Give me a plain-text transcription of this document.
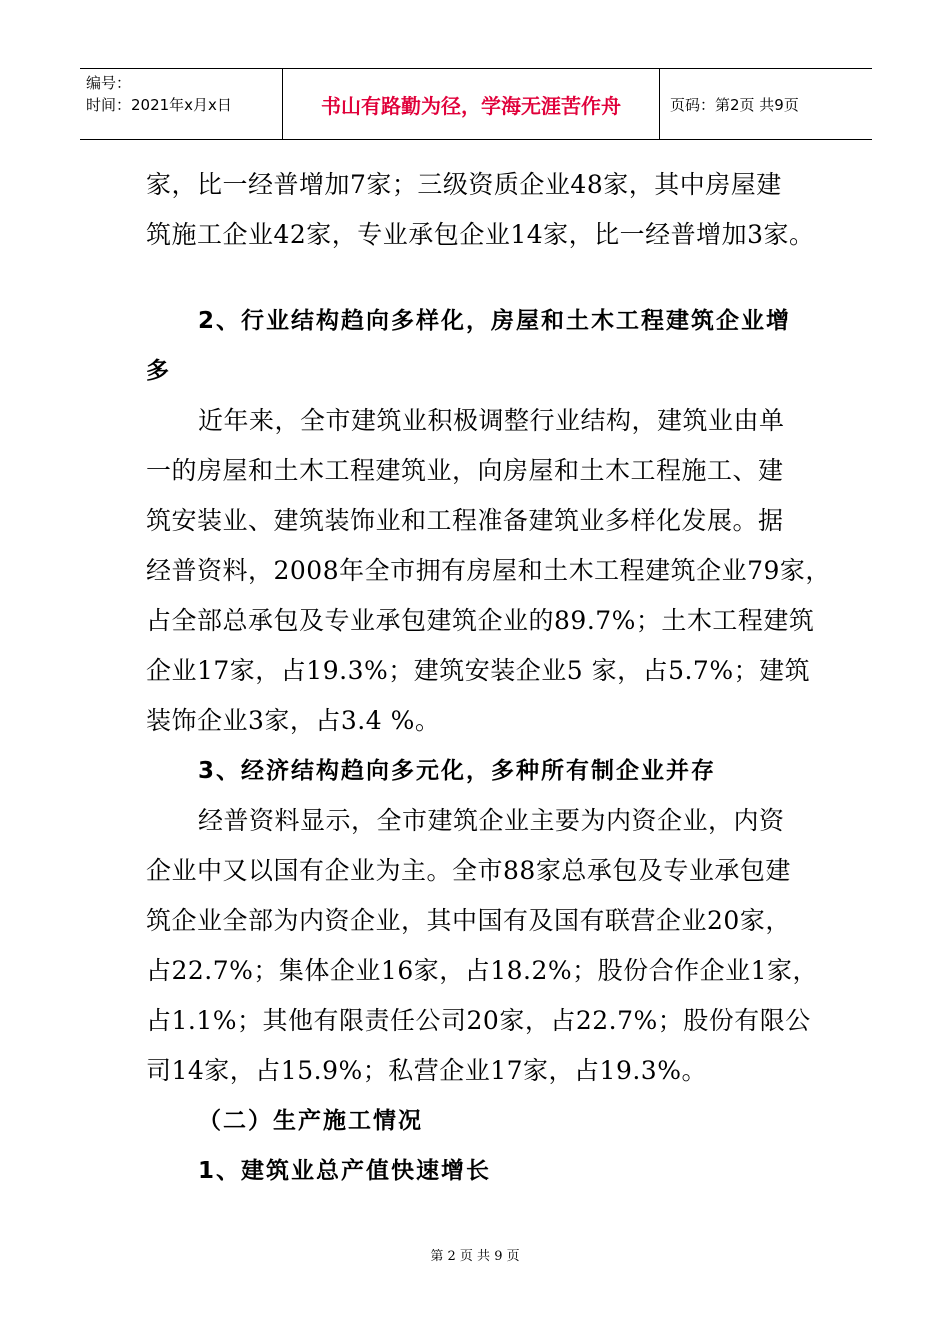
编号：
时间：2021年x月x日	书山有路勤为径，学海无涯苦作舟	页码：第2页 共9页
家，比一经普增加7家；三级资质企业48家，其中房屋建
筑施工企业42家，专业承包企业14家，比一经普增加3家。
2、行业结构趋向多样化，房屋和土木工程建筑企业增
多
近年来，全市建筑业积极调整行业结构，建筑业由单
一的房屋和土木工程建筑业，向房屋和土木工程施工、建
筑安装业、建筑装饰业和工程准备建筑业多样化发展。据
经普资料，2008年全市拥有房屋和土木工程建筑企业79家，
占全部总承包及专业承包建筑企业的89.7%；土木工程建筑
企业17家，占19.3%；建筑安装企业5 家，占5.7%；建筑
装饰企业3家，占3.4 %。
3、经济结构趋向多元化，多种所有制企业并存
经普资料显示，全市建筑企业主要为内资企业，内资
企业中又以国有企业为主。全市88家总承包及专业承包建
筑企业全部为内资企业，其中国有及国有联营企业20家，
占22.7%；集体企业16家，占18.2%；股份合作企业1家，
占1.1%；其他有限责任公司20家，占22.7%；股份有限公
司14家，占15.9%；私营企业17家，占19.3%。
（二）生产施工情况
1、建筑业总产值快速增长
第 2 页 共 9 页
